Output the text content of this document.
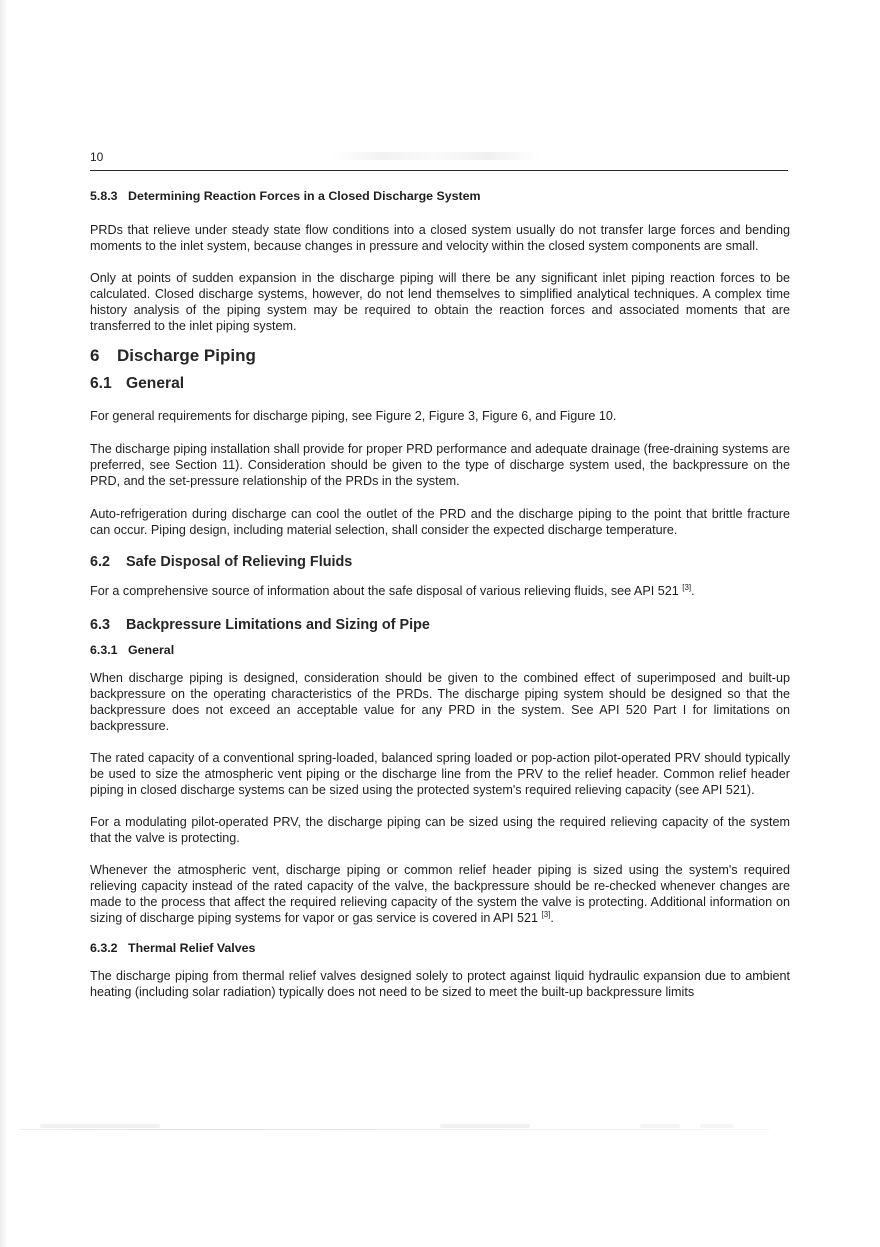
10
5.8.3 Determining Reaction Forces in a Closed Discharge System

PRDs that relieve under steady state flow conditions into a closed system usually do not transfer large forces and bending moments to the inlet system, because changes in pressure and velocity within the closed system components are small.

Only at points of sudden expansion in the discharge piping will there be any significant inlet piping reaction forces to be calculated. Closed discharge systems, however, do not lend themselves to simplified analytical techniques. A complex time history analysis of the piping system may be required to obtain the reaction forces and associated moments that are transferred to the inlet piping system.

6 Discharge Piping
6.1 General

For general requirements for discharge piping, see Figure 2, Figure 3, Figure 6, and Figure 10.

The discharge piping installation shall provide for proper PRD performance and adequate drainage (free-draining systems are preferred, see Section 11). Consideration should be given to the type of discharge system used, the backpressure on the PRD, and the set-pressure relationship of the PRDs in the system.

Auto-refrigeration during discharge can cool the outlet of the PRD and the discharge piping to the point that brittle fracture can occur. Piping design, including material selection, shall consider the expected discharge temperature.

6.2 Safe Disposal of Relieving Fluids

For a comprehensive source of information about the safe disposal of various relieving fluids, see API 521 [3].

6.3 Backpressure Limitations and Sizing of Pipe
6.3.1 General

When discharge piping is designed, consideration should be given to the combined effect of superimposed and built-up backpressure on the operating characteristics of the PRDs. The discharge piping system should be designed so that the backpressure does not exceed an acceptable value for any PRD in the system. See API 520 Part I for limitations on backpressure.

The rated capacity of a conventional spring-loaded, balanced spring loaded or pop-action pilot-operated PRV should typically be used to size the atmospheric vent piping or the discharge line from the PRV to the relief header. Common relief header piping in closed discharge systems can be sized using the protected system's required relieving capacity (see API 521).

For a modulating pilot-operated PRV, the discharge piping can be sized using the required relieving capacity of the system that the valve is protecting.

Whenever the atmospheric vent, discharge piping or common relief header piping is sized using the system's required relieving capacity instead of the rated capacity of the valve, the backpressure should be re-checked whenever changes are made to the process that affect the required relieving capacity of the system the valve is protecting. Additional information on sizing of discharge piping systems for vapor or gas service is covered in API 521 [3].

6.3.2 Thermal Relief Valves

The discharge piping from thermal relief valves designed solely to protect against liquid hydraulic expansion due to ambient heating (including solar radiation) typically does not need to be sized to meet the built-up backpressure limits
